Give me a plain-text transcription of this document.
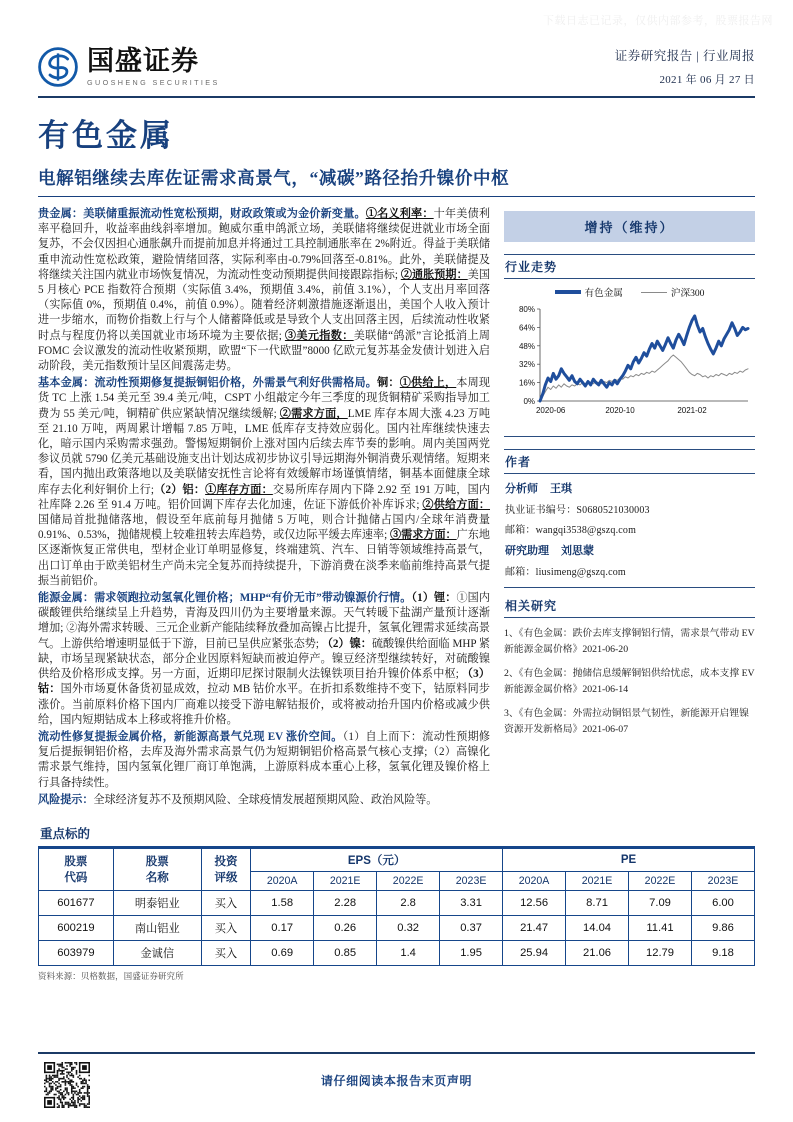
下载日志已记录，仅供内部参考，股票报告网
国盛证券
GUOSHENG SECURITIES
证券研究报告 | 行业周报
2021 年 06 月 27 日
有色金属
电解铝继续去库佐证需求高景气，“减碳”路径抬升镍价中枢

贵金属：美联储重振流动性宽松预期，财政政策或为金价新变量。①名义利率：十年美债利率平稳回升，收益率曲线斜率增加。鲍威尔重申鸽派立场，美联储将继续促进就业市场全面复苏，不会仅因担心通胀飙升而提前加息并将通过工具控制通胀率在 2%附近。得益于美联储重申流动性宽松政策，避险情绪回落，实际利率由-0.79%回落至-0.81%。此外，美联储提及将继续关注国内就业市场恢复情况，为流动性变动预期提供间接跟踪指标; ②通胀预期：美国 5 月核心 PCE 指数符合预期（实际值 3.4%，预期值 3.4%，前值 3.1%），个人支出月率回落（实际值 0%，预期值 0.4%，前值 0.9%）。随着经济刺激措施逐渐退出，美国个人收入预计进一步缩水，而物价指数上行与个人储蓄降低或是导致个人支出回落主因，后续流动性收紧时点与程度仍将以美国就业市场环境为主要依据; ③美元指数：美联储“鸽派”言论抵消上周 FOMC 会议激发的流动性收紧预期，欧盟“下一代欧盟”8000 亿欧元复苏基金发债计划进入启动阶段，美元指数预计呈区间震荡走势。

基本金属：流动性预期修复提振铜铝价格，外需景气利好供需格局。铜：①供给上，本周现货 TC 上涨 1.54 美元至 39.4 美元/吨，CSPT 小组敲定今年三季度的现货铜精矿采购指导加工费为 55 美元/吨，铜精矿供应紧缺情况继续缓解; ②需求方面，LME 库存本周大涨 4.23 万吨至 21.10 万吨，两周累计增幅 7.85 万吨，LME 低库存支持效应弱化。国内社库继续快速去化，暗示国内采购需求强劲。警惕短期铜价上涨对国内后续去库节奏的影响。周内美国两党参议员就 5790 亿美元基础设施支出计划达成初步协议引导远期海外铜消费乐观情绪。短期来看，国内抛出政策落地以及美联储安抚性言论将有效缓解市场谨慎情绪，铜基本面健康全球库存去化利好铜价上行;（2）铝：①库存方面：交易所库存周内下降 2.92 至 191 万吨，国内社库降 2.26 至 91.4 万吨。铝价回调下库存去化加速，佐证下游低价补库诉求; ②供给方面：国储局首批抛储落地，假设至年底前每月抛储 5 万吨，则合计抛储占国内/全球年消费量 0.91%、0.53%，抛储规模上较难扭转去库趋势，或仅边际平缓去库速率; ③需求方面：广东地区逐渐恢复正常供电，型材企业订单明显修复，终端建筑、汽车、日销等领域维持高景气，出口订单由于欧美铝材生产尚未完全复苏而持续提升，下游消费在淡季来临前维持高景气提振当前铝价。

能源金属：需求领跑拉动氢氧化锂价格；MHP“有价无市”带动镍源价行情。（1）锂：①国内碳酸锂供给继续呈上升趋势，青海及四川仍为主要增量来源。天气转暖下盐湖产量预计逐渐增加; ②海外需求转暖、三元企业新产能陆续释放叠加高镍占比提升，氢氧化锂需求延续高景气。上游供给增速明显低于下游，目前已呈供应紧张态势; （2）镍：硫酸镍供给面临 MHP 紧缺，市场呈现紧缺状态，部分企业因原料短缺而被迫停产。镍豆经济型继续转好，对硫酸镍供给及价格形成支撑。另一方面，近期印尼探讨限制火法镍铁项目抬升镍价体系中枢; （3）钴：国外市场夏休备货初显成效，拉动 MB 钴价水平。在折扣系数维持不变下，钴原料同步涨价。当前原料价格下国内厂商难以接受下游电解钴报价，或将被动抬升国内价格或减少供给，国内短期钴成本上移或将推升价格。

流动性修复提振金属价格，新能源高景气兑现 EV 涨价空间。（1）自上而下：流动性预期修复后提振铜铝价格，去库及海外需求高景气仍为短期铜铝价格高景气核心支撑;（2）高镍化需求景气维持，国内氢氧化锂厂商订单饱满，上游原料成本重心上移，氢氧化锂及镍价格上行具备持续性。

风险提示：全球经济复苏不及预期风险、全球疫情发展超预期风险、政治风险等。

增持（维持）
行业走势
有色金属	沪深300
0%
16%
32%
48%
64%
80%
2020-06	2020-10	2021-02
作者
分析师 王琪
执业证书编号：S0680521030003
邮箱：wangqi3538@gszq.com
研究助理 刘思蒙
邮箱：liusimeng@gszq.com
相关研究
1、《有色金属：跌价去库支撑铜铝行情，需求景气带动 EV 新能源金属价格》2021-06-20
2、《有色金属：抛储信息缓解铜铝供给忧虑，成本支撑 EV 新能源金属价格》2021-06-14
3、《有色金属：外需拉动铜铝景气韧性，新能源开启锂镍资源开发新格局》2021-06-07
重点标的
股票
代码	股票
名称	投资
评级	EPS（元）				PE			
			2020A	2021E	2022E	2023E	2020A	2021E	2022E	2023E
601677	明泰铝业	买入	1.58	2.28	2.8	3.31	12.56	8.71	7.09	6.00
600219	南山铝业	买入	0.17	0.26	0.32	0.37	21.47	14.04	11.41	9.86
603979	金诚信	买入	0.69	0.85	1.4	1.95	25.94	21.06	12.79	9.18
资料来源：贝格数据，国盛证券研究所
请仔细阅读本报告末页声明
